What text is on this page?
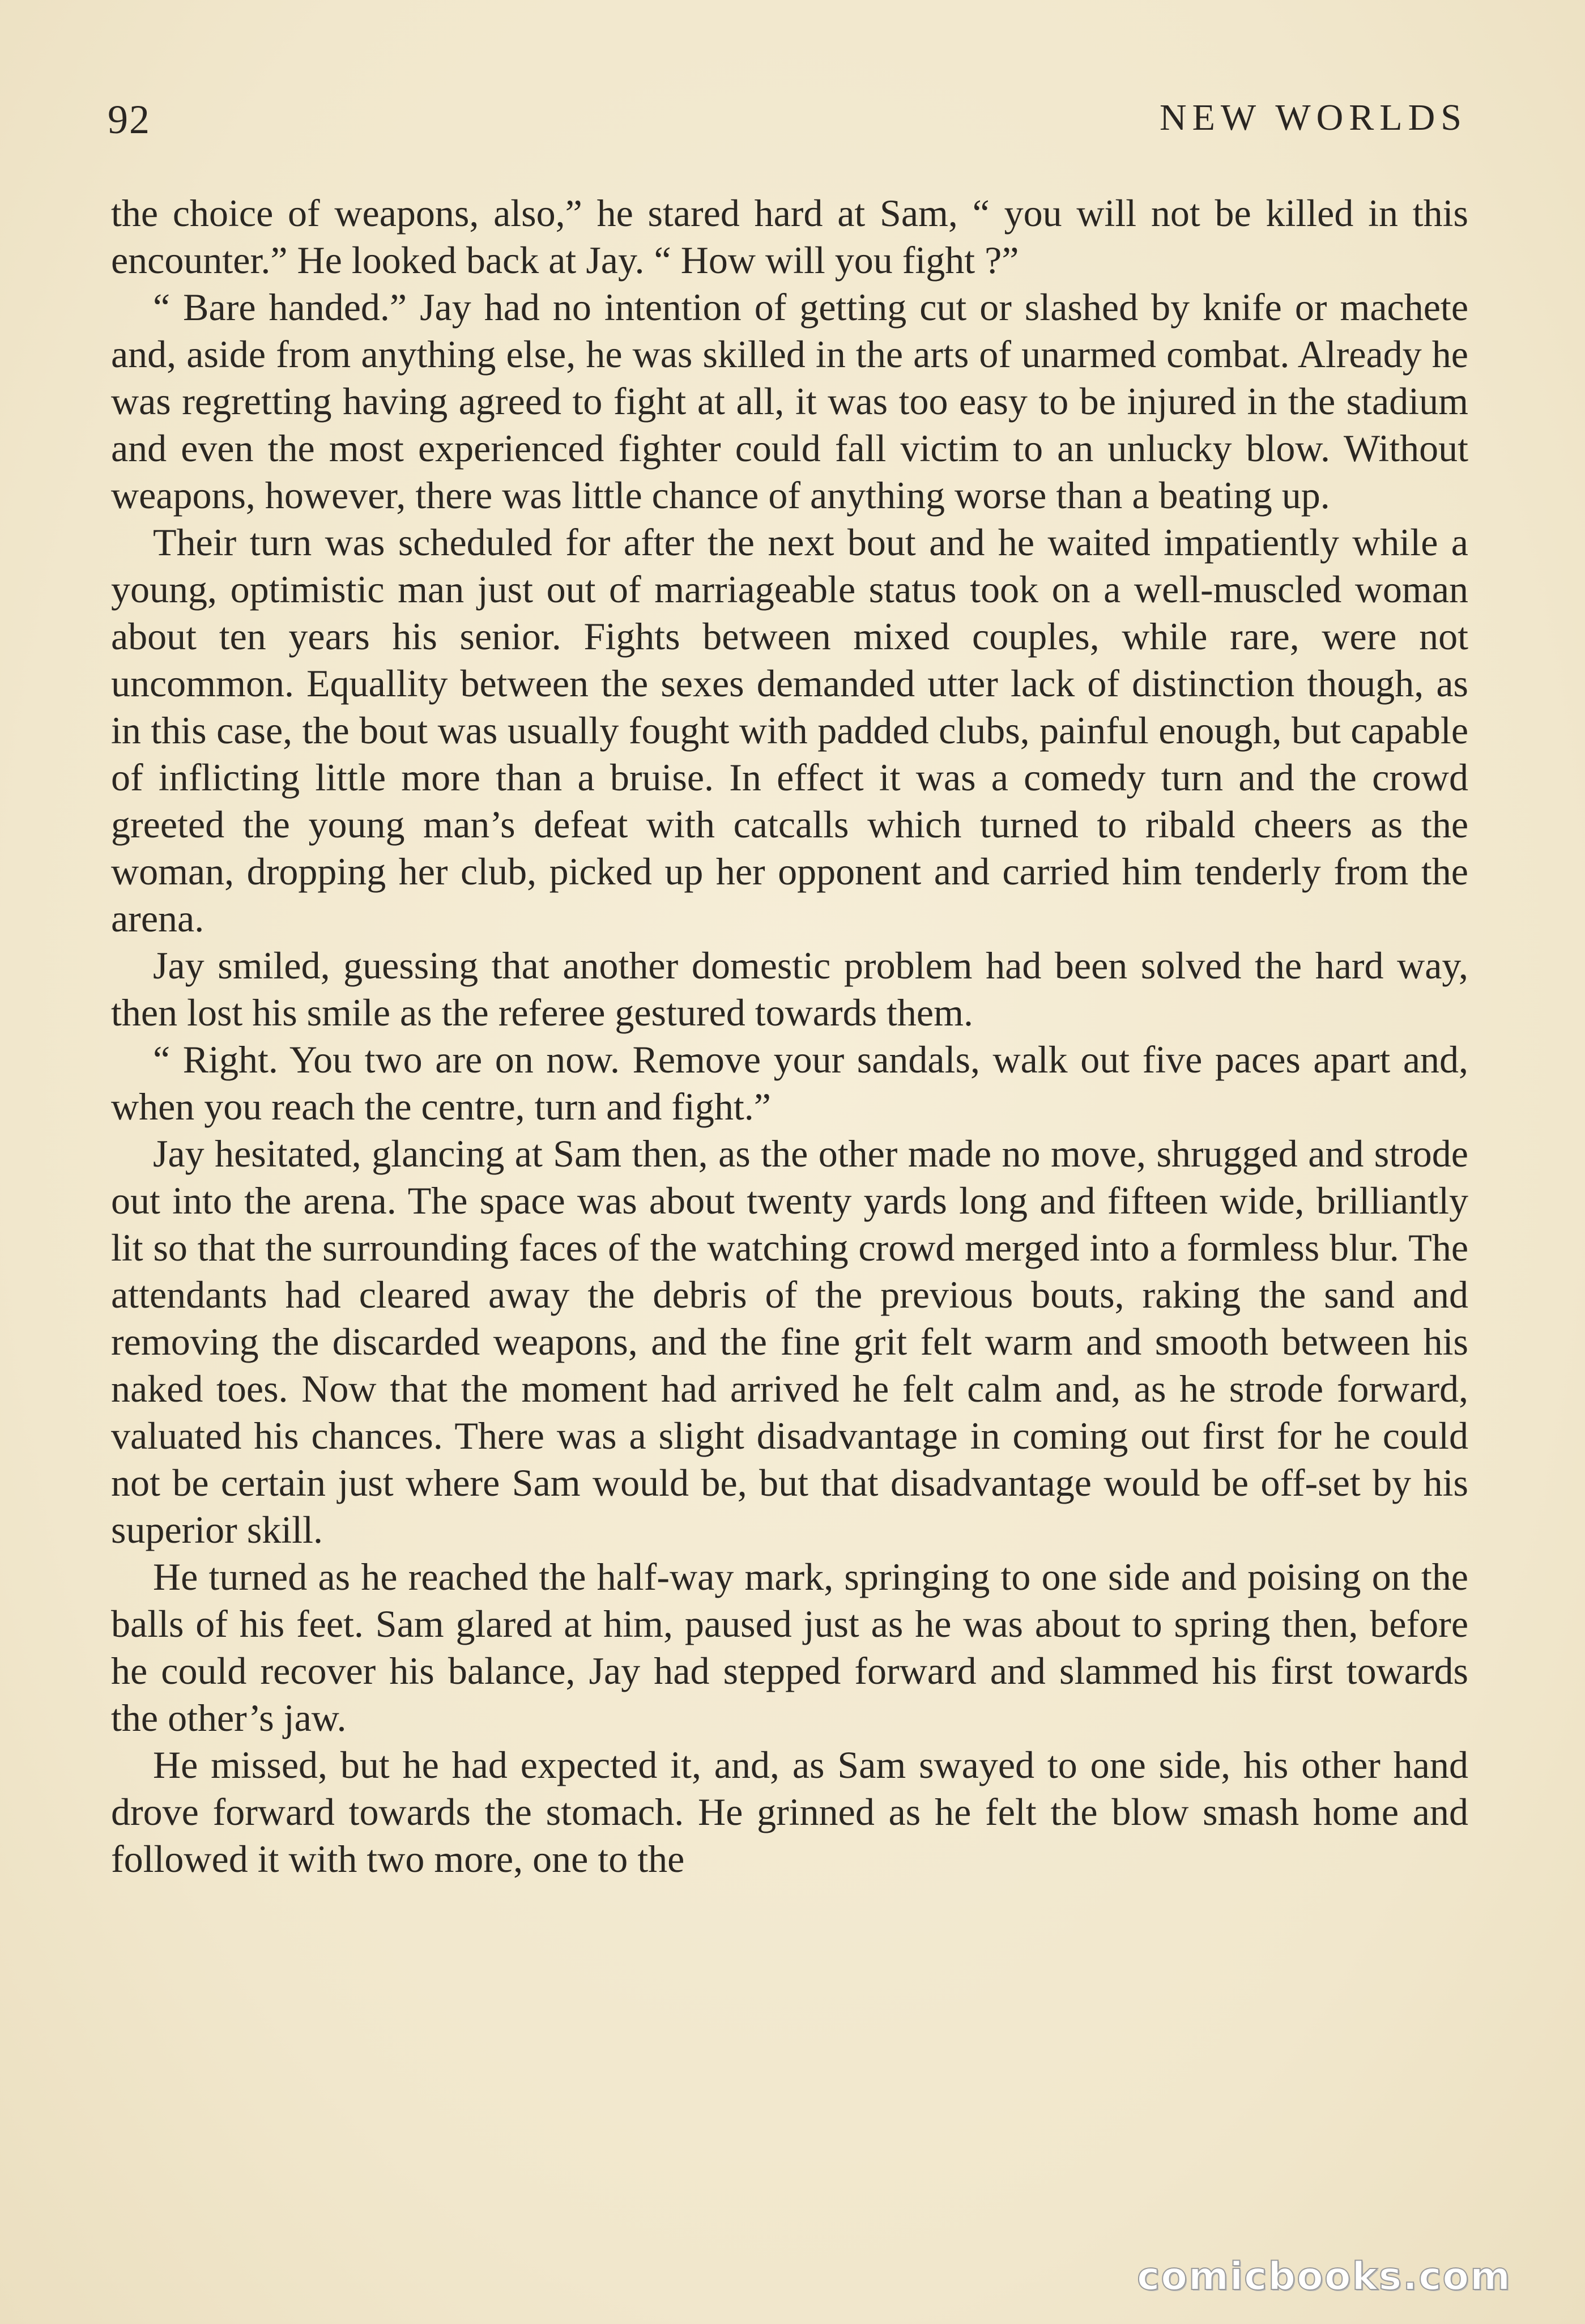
92	NEW WORLDS

the choice of weapons, also,” he stared hard at Sam, “ you will not be killed in this encounter.” He looked back at Jay. “ How will you fight ?”

“ Bare handed.” Jay had no intention of getting cut or slashed by knife or machete and, aside from anything else, he was skilled in the arts of unarmed combat. Already he was regretting having agreed to fight at all, it was too easy to be injured in the stadium and even the most experienced fighter could fall victim to an unlucky blow. Without weapons, however, there was little chance of anything worse than a beating up.

Their turn was scheduled for after the next bout and he waited impatiently while a young, optimistic man just out of marriageable status took on a well-muscled woman about ten years his senior. Fights between mixed couples, while rare, were not uncommon. Equallity between the sexes demanded utter lack of distinction though, as in this case, the bout was usually fought with padded clubs, painful enough, but capable of inflicting little more than a bruise. In effect it was a comedy turn and the crowd greeted the young man’s defeat with catcalls which turned to ribald cheers as the woman, dropping her club, picked up her opponent and carried him tenderly from the arena.

Jay smiled, guessing that another domestic problem had been solved the hard way, then lost his smile as the referee gestured towards them.

“ Right. You two are on now. Remove your sandals, walk out five paces apart and, when you reach the centre, turn and fight.”

Jay hesitated, glancing at Sam then, as the other made no move, shrugged and strode out into the arena. The space was about twenty yards long and fifteen wide, brilliantly lit so that the surrounding faces of the watching crowd merged into a formless blur. The attendants had cleared away the debris of the previous bouts, raking the sand and removing the discarded weapons, and the fine grit felt warm and smooth between his naked toes. Now that the moment had arrived he felt calm and, as he strode forward, valuated his chances. There was a slight disadvantage in coming out first for he could not be certain just where Sam would be, but that disadvantage would be off-set by his superior skill.

He turned as he reached the half-way mark, springing to one side and poising on the balls of his feet. Sam glared at him, paused just as he was about to spring then, before he could recover his balance, Jay had stepped forward and slammed his first towards the other’s jaw.

He missed, but he had expected it, and, as Sam swayed to one side, his other hand drove forward towards the stomach. He grinned as he felt the blow smash home and followed it with two more, one to the

comicbooks.com
